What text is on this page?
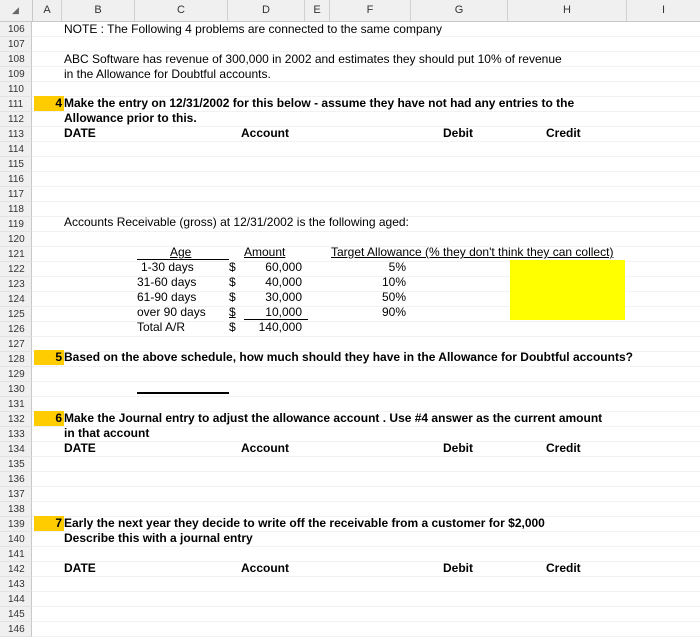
◢	A	B	C	D	E	F	G	H	I
106
107
108
109
110
111
112
113
114
115
116
117
118
119
120
121
122
123
124
125
126
127
128
129
130
131
132
133
134
135
136
137
138
139
140
141
142
143
144
145
146
NOTE : The Following 4 problems are connected to the same company
ABC Software has revenue of 300,000 in 2002 and estimates they should put 10% of revenue
in the Allowance for Doubtful accounts.
4 Make the entry on 12/31/2002 for this below - assume they have not had any entries to the
Allowance prior to this.
DATE	Account	Debit	Credit
Accounts Receivable (gross) at 12/31/2002 is the following aged:
Age	Amount	Target Allowance (% they don't think they can collect)
1-30 days	$	60,000	5%
31-60 days	$	40,000	10%
61-90 days	$	30,000	50%
over 90 days $	10,000	90%
Total A/R	$	140,000
5 Based on the above schedule, how much should they have in the Allowance for Doubtful accounts?
6 Make the Journal entry to adjust the allowance account . Use #4 answer as the current amount
in that account
DATE	Account	Debit	Credit
7 Early the next year they decide to write off the receivable from a customer for $2,000
Describe this with a journal entry
DATE	Account	Debit	Credit
